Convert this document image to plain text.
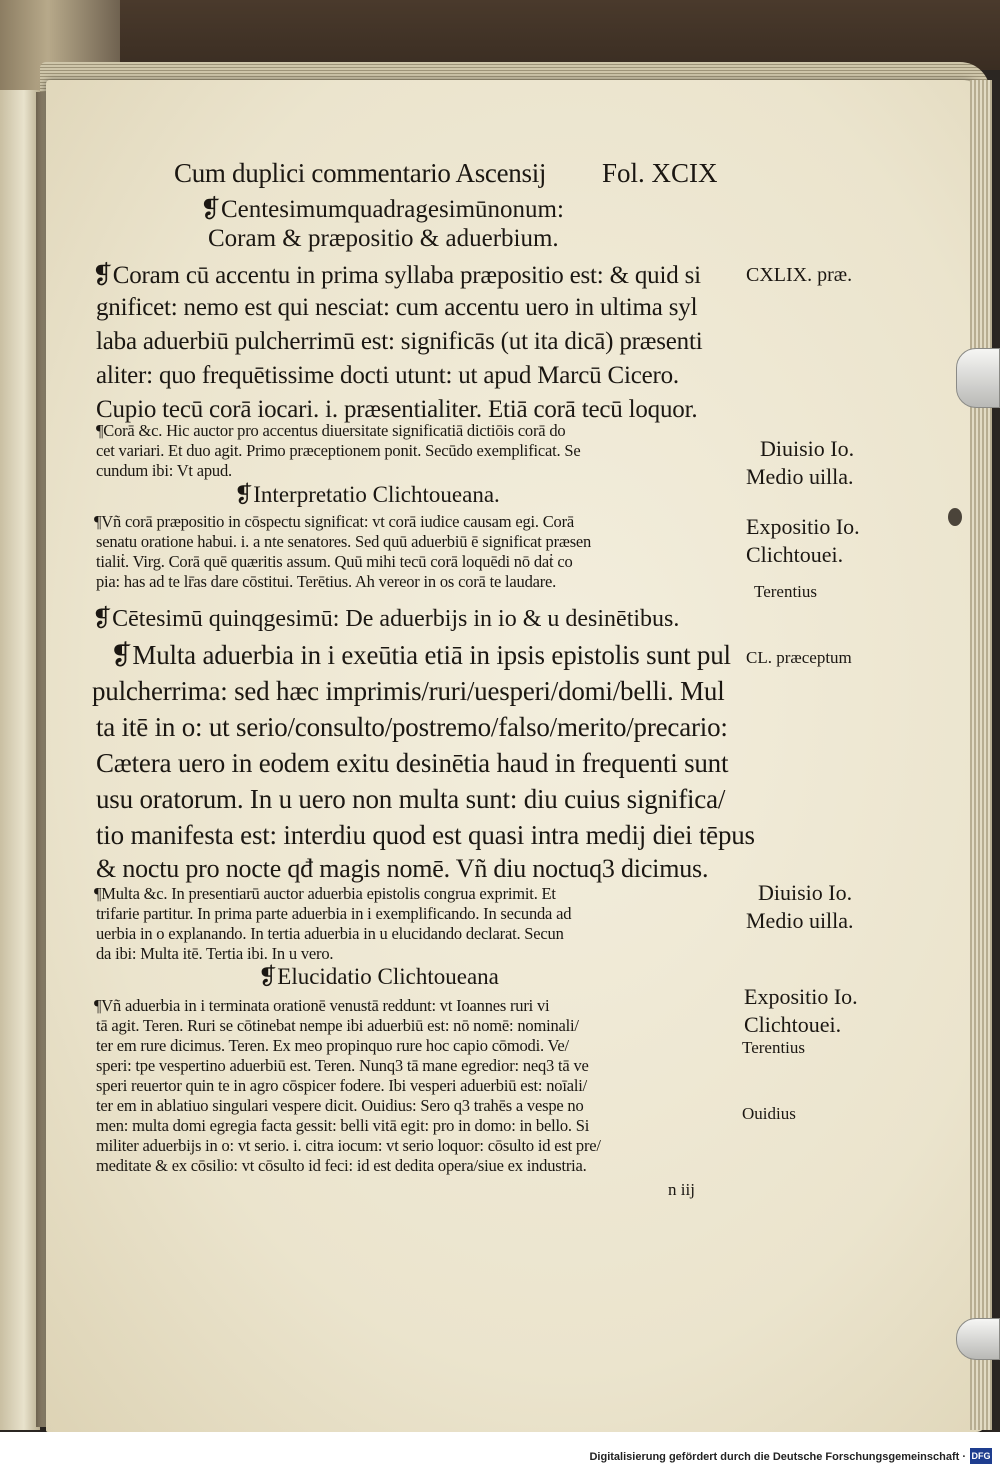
Cum duplici commentario Ascensij Fol. XCIX
❡Centesimumquadragesimūnonum:
Coram & præpositio & aduerbium.
❡Coram cū accentu in prima syllaba præpositio est: & quid si
gnificet: nemo est qui nesciat: cum accentu uero in ultima syl
laba aduerbiū pulcherrimū est: significās (ut ita dicā) præsenti
aliter: quo frequētissime docti utunt: ut apud Marcū Cicero.
Cupio tecū corā iocari. i. præsentialiter. Etiā corā tecū loquor.
¶Corā &c. Hic auctor pro accentus diuersitate significatiā dictiōis corā do
cet variari. Et duo agit. Primo præceptionem ponit. Secūdo exemplificat. Se
cundum ibi: Vt apud.
❡Interpretatio Clichtoueana.
¶Vñ corā præpositio in cōspectu significat: vt corā iudice causam egi. Corā
senatu oratione habui. i. a nte senatores. Sed quū aduerbiū ē significat præsen
tialiṫ. Virg. Corā quē quæritis assum. Quū mihi tecū corā loquēdi nō daṫ co
pia: has ad te lr̄as dare cōstitui. Terētius. Ah vereor in os corā te laudare.
❡Cētesimū quinqgesimū: De aduerbijs in io & u desinētibus.
❡Multa aduerbia in i exeūtia etiā in ipsis epistolis sunt pul
pulcherrima: sed hæc imprimis/ruri/uesperi/domi/belli. Mul
ta itē in o: ut serio/consulto/postremo/falso/merito/precario:
Cætera uero in eodem exitu desinētia haud in frequenti sunt
usu oratorum. In u uero non multa sunt: diu cuius significa/
tio manifesta est: interdiu quod est quasi intra medij diei tēpus
& noctu pro nocte qđ magis nomē. Vñ diu noctuq3 dicimus.
¶Multa &c. In presentiarū auctor aduerbia epistolis congrua exprimit. Et
trifarie partitur. In prima parte aduerbia in i exemplificando. In secunda ad
uerbia in o explanando. In tertia aduerbia in u elucidando declarat. Secun
da ibi: Multa itē. Tertia ibi. In u vero.
❡Elucidatio Clichtoueana
¶Vñ aduerbia in i terminata orationē venustā reddunt: vt Ioannes ruri vi
tā agit. Teren. Ruri se cōtinebat nempe ibi aduerbiū est: nō nomē: nominali/
ter em rure dicimus. Teren. Ex meo propinquo rure hoc capio cōmodi. Ve/
speri: tpe vespertino aduerbiū est. Teren. Nunq3 tā mane egredior: neq3 tā ve
speri reuertor quin te in agro cōspicer fodere. Ibi vesperi aduerbiū est: noīali/
ter em in ablatiuo singulari vespere dicit. Ouidius: Sero q3 trahēs a vespe no
men: multa domi egregia facta gessit: belli vitā egit: pro in domo: in bello. Si
militer aduerbijs in o: vt serio. i. citra iocum: vt serio loquor: cōsulto id est pre/
meditate & ex cōsilio: vt cōsulto id feci: id est dedita opera/siue ex industria.
n iij
CXLIX. præ.
Diuisio Io.
Medio uilla.
Expositio Io.
Clichtouei.
Terentius
CL. præceptum
Diuisio Io.
Medio uilla.
Expositio Io.
Clichtouei.
Terentius
Ouidius
Digitalisierung gefördert durch die Deutsche Forschungsgemeinschaft · DFG
